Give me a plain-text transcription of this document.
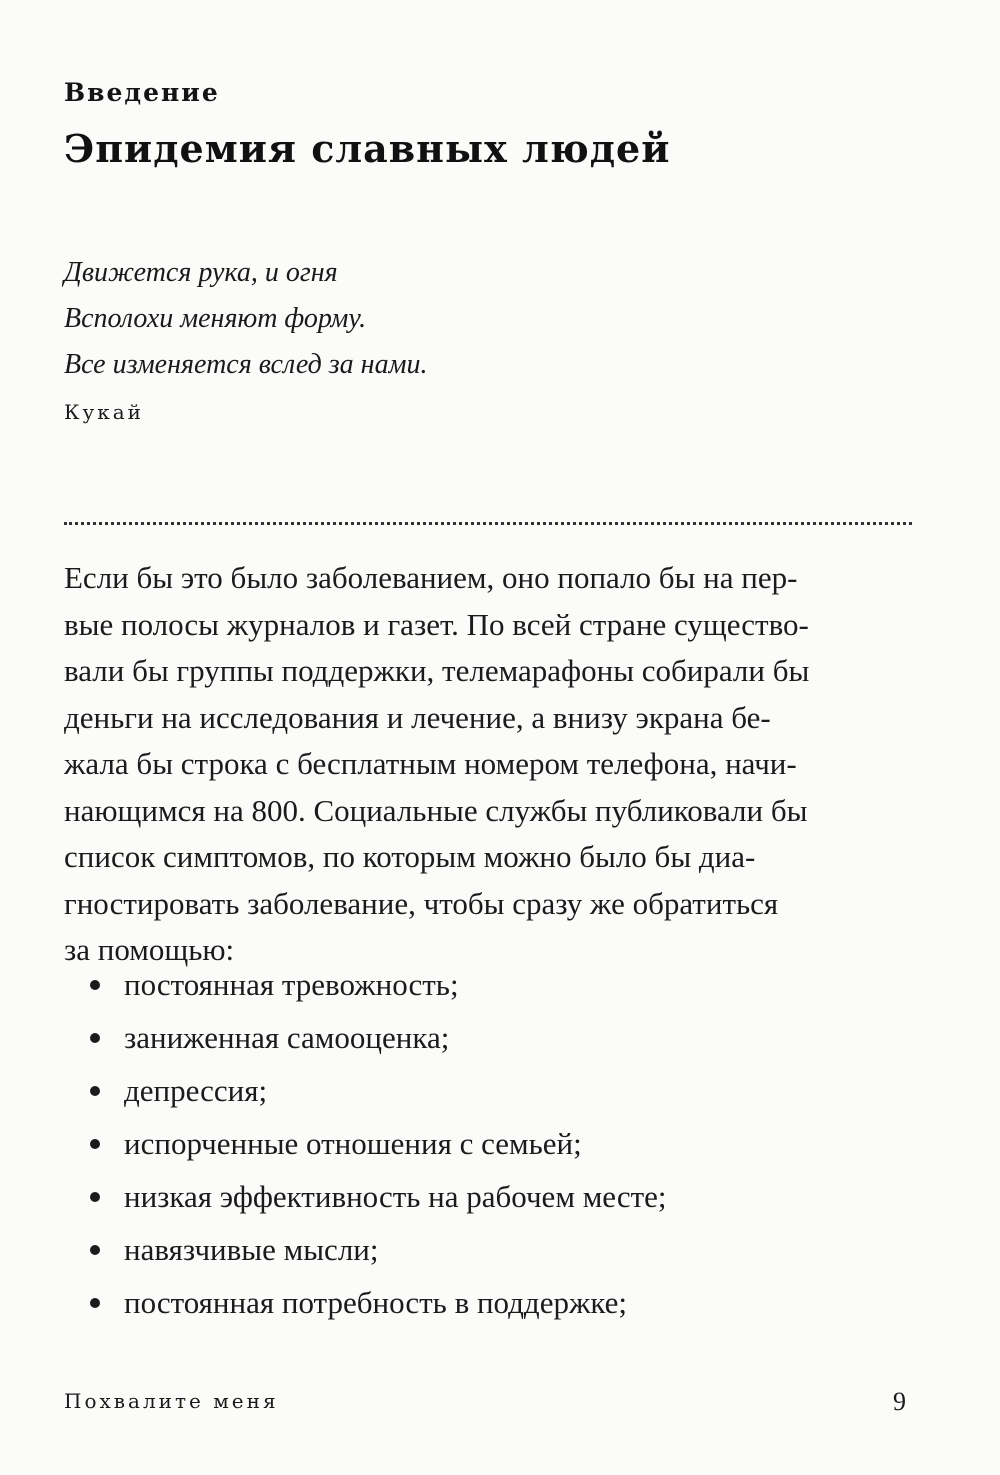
Введение
Эпидемия славных людей
Движется рука, и огня
Всполохи меняют форму.
Все изменяется вслед за нами.
Кукай
Если бы это было заболеванием, оно попало бы на пер-
вые полосы журналов и газет. По всей стране существо-
вали бы группы поддержки, телемарафоны собирали бы
деньги на исследования и лечение, а внизу экрана бе-
жала бы строка с бесплатным номером телефона, начи-
нающимся на 800. Социальные службы публиковали бы
список симптомов, по которым можно было бы диа-
гностировать заболевание, чтобы сразу же обратиться
за помощью:
постоянная тревожность;
заниженная самооценка;
депрессия;
испорченные отношения с семьей;
низкая эффективность на рабочем месте;
навязчивые мысли;
постоянная потребность в поддержке;
Похвалите меня	9
